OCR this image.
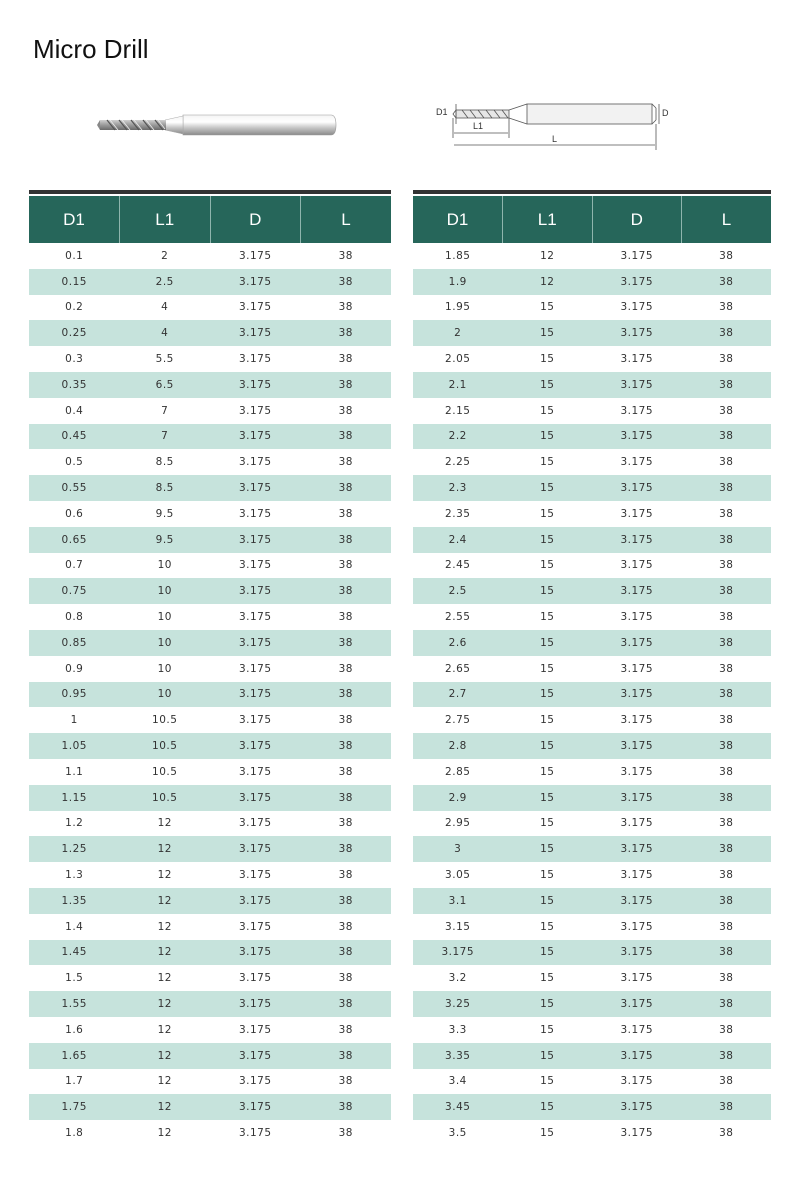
Micro Drill
D1
L1
D
L
D1	L1	D	L
0.1	2	3.175	38
0.15	2.5	3.175	38
0.2	4	3.175	38
0.25	4	3.175	38
0.3	5.5	3.175	38
0.35	6.5	3.175	38
0.4	7	3.175	38
0.45	7	3.175	38
0.5	8.5	3.175	38
0.55	8.5	3.175	38
0.6	9.5	3.175	38
0.65	9.5	3.175	38
0.7	10	3.175	38
0.75	10	3.175	38
0.8	10	3.175	38
0.85	10	3.175	38
0.9	10	3.175	38
0.95	10	3.175	38
1	10.5	3.175	38
1.05	10.5	3.175	38
1.1	10.5	3.175	38
1.15	10.5	3.175	38
1.2	12	3.175	38
1.25	12	3.175	38
1.3	12	3.175	38
1.35	12	3.175	38
1.4	12	3.175	38
1.45	12	3.175	38
1.5	12	3.175	38
1.55	12	3.175	38
1.6	12	3.175	38
1.65	12	3.175	38
1.7	12	3.175	38
1.75	12	3.175	38
1.8	12	3.175	38
D1	L1	D	L
1.85	12	3.175	38
1.9	12	3.175	38
1.95	15	3.175	38
2	15	3.175	38
2.05	15	3.175	38
2.1	15	3.175	38
2.15	15	3.175	38
2.2	15	3.175	38
2.25	15	3.175	38
2.3	15	3.175	38
2.35	15	3.175	38
2.4	15	3.175	38
2.45	15	3.175	38
2.5	15	3.175	38
2.55	15	3.175	38
2.6	15	3.175	38
2.65	15	3.175	38
2.7	15	3.175	38
2.75	15	3.175	38
2.8	15	3.175	38
2.85	15	3.175	38
2.9	15	3.175	38
2.95	15	3.175	38
3	15	3.175	38
3.05	15	3.175	38
3.1	15	3.175	38
3.15	15	3.175	38
3.175	15	3.175	38
3.2	15	3.175	38
3.25	15	3.175	38
3.3	15	3.175	38
3.35	15	3.175	38
3.4	15	3.175	38
3.45	15	3.175	38
3.5	15	3.175	38
